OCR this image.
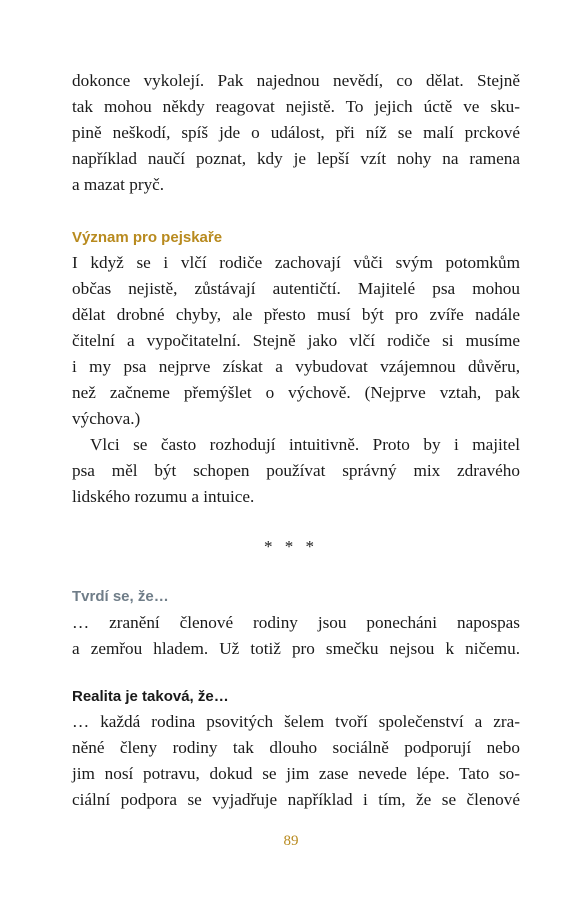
dokonce vykolejí. Pak najednou nevědí, co dělat. Stejně
tak mohou někdy reagovat nejistě. To jejich úctě ve sku-
pině neškodí, spíš jde o událost, při níž se malí prckové
například naučí poznat, kdy je lepší vzít nohy na ramena
a mazat pryč.
Význam pro pejskaře
I když se i vlčí rodiče zachovají vůči svým potomkům
občas nejistě, zůstávají autentičtí. Majitelé psa mohou
dělat drobné chyby, ale přesto musí být pro zvíře nadále
čitelní a vypočitatelní. Stejně jako vlčí rodiče si musíme
i my psa nejprve získat a vybudovat vzájemnou důvěru,
než začneme přemýšlet o výchově. (Nejprve vztah, pak
výchova.)
Vlci se často rozhodují intuitivně. Proto by i majitel
psa měl být schopen používat správný mix zdravého
lidského rozumu a intuice.
* * *
Tvrdí se, že…
… zranění členové rodiny jsou ponecháni napospas
a zemřou hladem. Už totiž pro smečku nejsou k ničemu.
Realita je taková, že…
… každá rodina psovitých šelem tvoří společenství a zra-
něné členy rodiny tak dlouho sociálně podporují nebo
jim nosí potravu, dokud se jim zase nevede lépe. Tato so-
ciální podpora se vyjadřuje například i tím, že se členové
89
